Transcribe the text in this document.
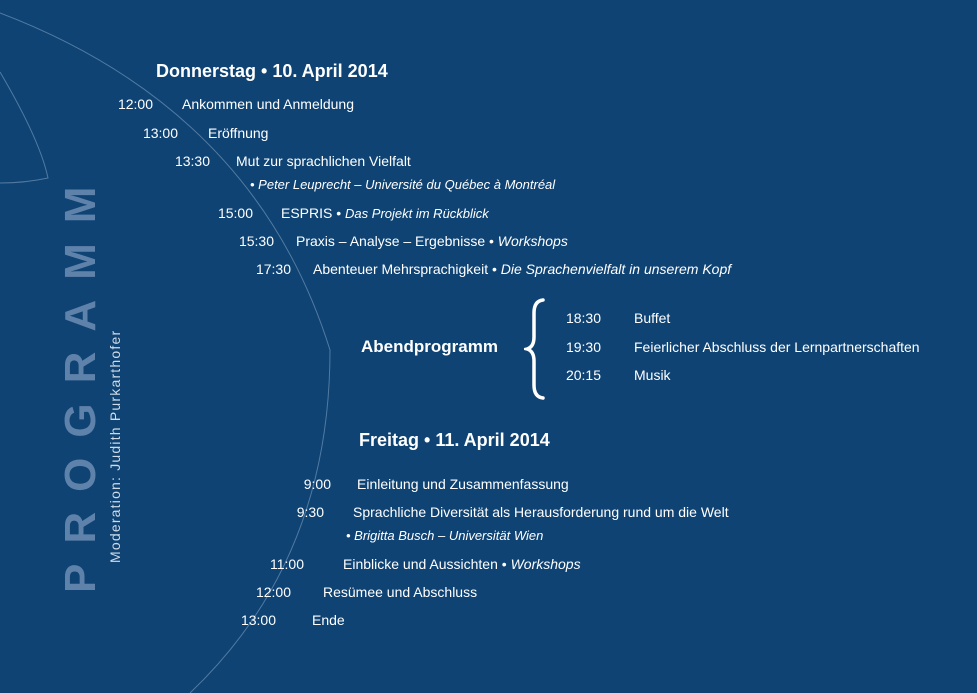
PROGRAMM Moderation: Judith Purkarthofer
Donnerstag • 10. April 2014
12:00 Ankommen und Anmeldung
13:00 Eröffnung
13:30 Mut zur sprachlichen Vielfalt
• Peter Leuprecht – Université du Québec à Montréal
15:00 ESPRIS • Das Projekt im Rückblick
15:30 Praxis – Analyse – Ergebnisse • Workshops
17:30 Abenteuer Mehrsprachigkeit • Die Sprachenvielfalt in unserem Kopf
Abendprogramm
18:30 Buffet
19:30 Feierlicher Abschluss der Lernpartnerschaften
20:15 Musik
Freitag • 11. April 2014
9:00 Einleitung und Zusammenfassung
9:30 Sprachliche Diversität als Herausforderung rund um die Welt
• Brigitta Busch – Universität Wien
11:00	Einblicke und Aussichten • Workshops
12:00 Resümee und Abschluss
13:00	Ende
